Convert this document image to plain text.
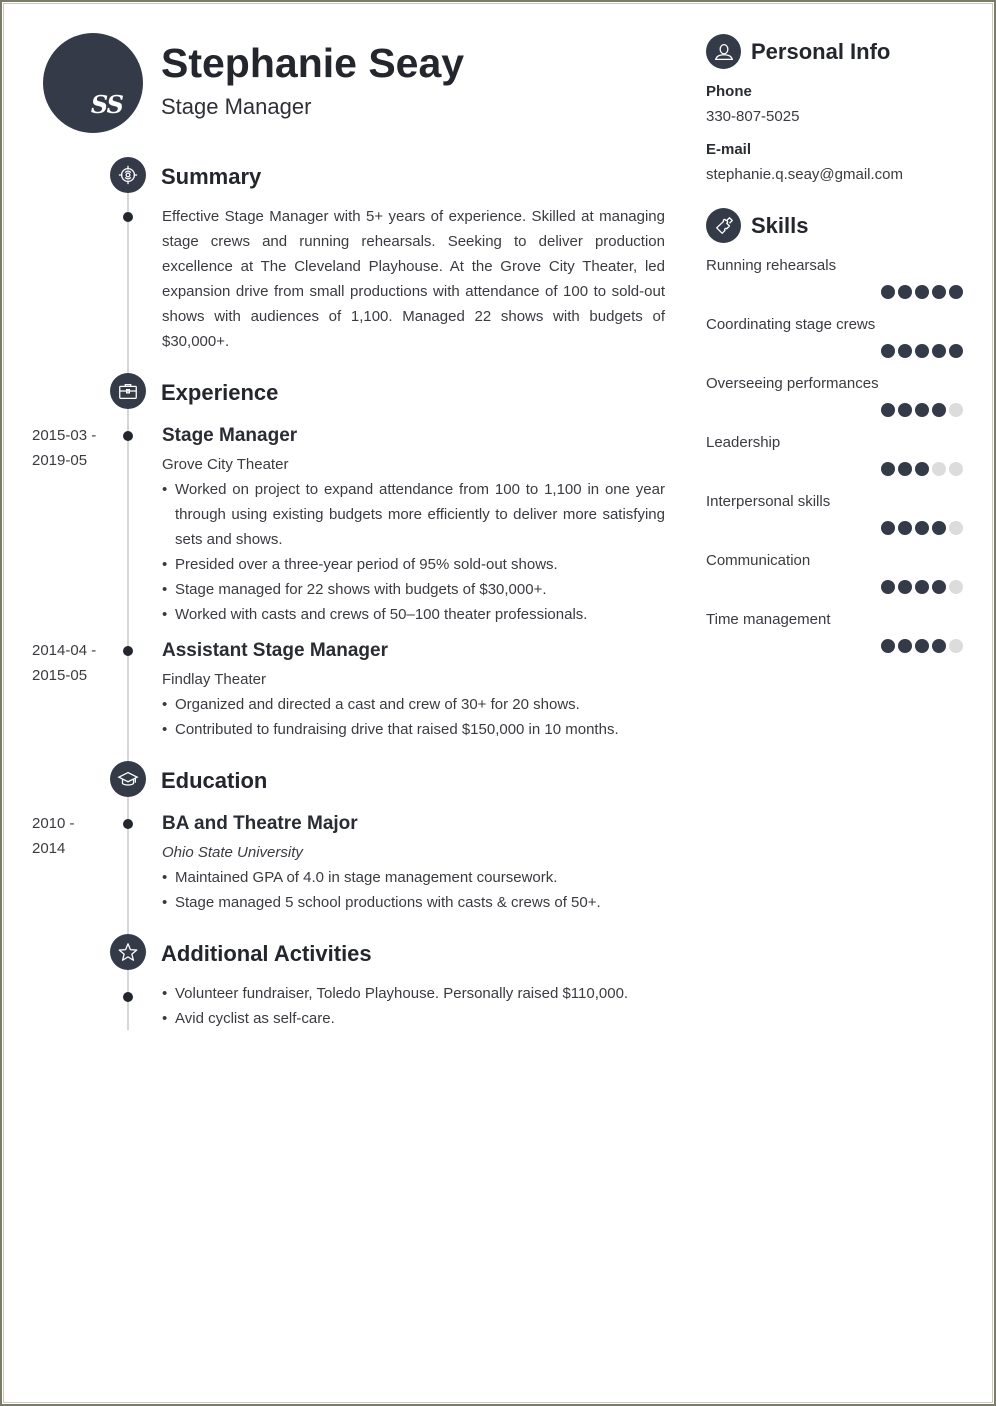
SS
Stephanie Seay
Stage Manager
Summary
Effective Stage Manager with 5+ years of experience. Skilled at managing stage crews and running rehearsals. Seeking to deliver production excellence at The Cleveland Playhouse. At the Grove City Theater, led expansion drive from small productions with attendance of 100 to sold-out shows with audiences of 1,100. Managed 22 shows with budgets of $30,000+.
Experience
2015-03 -
2019-05
Stage Manager
Grove City Theater
• Worked on project to expand attendance from 100 to 1,100 in one year through using existing budgets more efficiently to deliver more satisfying sets and shows.
• Presided over a three-year period of 95% sold-out shows.
• Stage managed for 22 shows with budgets of $30,000+.
• Worked with casts and crews of 50–100 theater professionals.
2014-04 -
2015-05
Assistant Stage Manager
Findlay Theater
• Organized and directed a cast and crew of 30+ for 20 shows.
• Contributed to fundraising drive that raised $150,000 in 10 months.
Education
2010 -
2014
BA and Theatre Major
Ohio State University
• Maintained GPA of 4.0 in stage management coursework.
• Stage managed 5 school productions with casts & crews of 50+.
Additional Activities
• Volunteer fundraiser, Toledo Playhouse. Personally raised $110,000.
• Avid cyclist as self-care.
Personal Info
Phone
330-807-5025
E-mail
stephanie.q.seay@gmail.com
Skills
Running rehearsals
Coordinating stage crews
Overseeing performances
Leadership
Interpersonal skills
Communication
Time management
